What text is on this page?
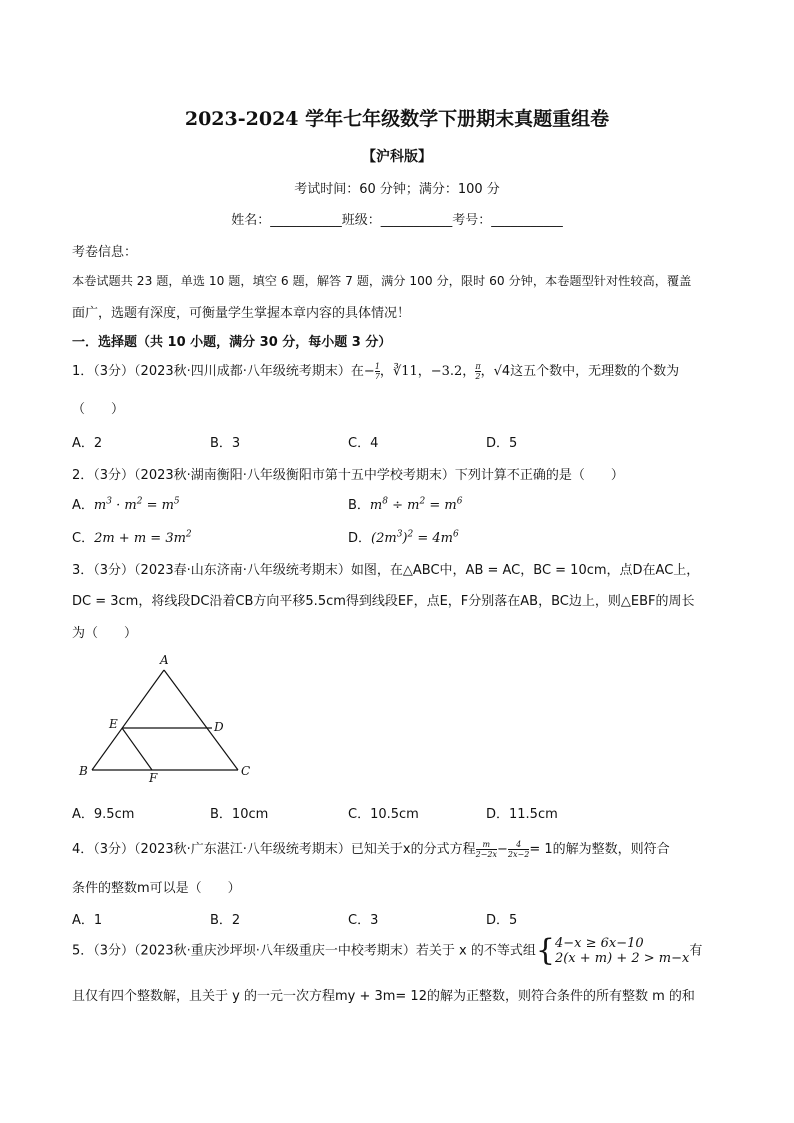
2023-2024 学年七年级数学下册期末真题重组卷
【沪科版】
考试时间：60 分钟；满分：100 分
姓名：___________班级：___________考号：___________
考卷信息：
本卷试题共 23 题，单选 10 题，填空 6 题，解答 7 题，满分 100 分，限时 60 分钟，本卷题型针对性较高，覆盖
面广，选题有深度，可衡量学生掌握本章内容的具体情况！
一．选择题（共 10 小题，满分 30 分，每小题 3 分）
1．（3分）（2023秋·四川成都·八年级统考期末）在− $\frac{1}{7}$ ，∛11，−3.2， $\frac{\pi}{2}$ ，√4这五个数中，无理数的个数为
（　　）
A．2	B．3	C．4	D．5
2．（3分）（2023秋·湖南衡阳·八年级衡阳市第十五中学校考期末）下列计算不正确的是（　　）
A．$m^3 \cdot m^2 = m^5$	B．$m^8 \div m^2 = m^6$
C．$2m + m = 3m^2$	D．$(2m^3)^2 = 4m^6$
3．（3分）（2023春·山东济南·八年级统考期末）如图，在△ABC中，AB = AC，BC = 10cm，点D在AC上，
DC = 3cm，将线段DC沿着CB方向平移5.5cm得到线段EF，点E，F分别落在AB，BC边上，则△EBF的周长
为（　　）
A
B	C
D
E
F
A．9.5cm	B．10cm	C．10.5cm	D．11.5cm
4．（3分）（2023秋·广东湛江·八年级统考期末）已知关于x的分式方程 $\frac{m}{2-2x} - \frac{4}{2x-2} = 1$的解为整数，则符合
条件的整数m可以是（　　）
A．1	B．2	C．3	D．5
5．（3分）（2023秋·重庆沙坪坝·八年级重庆一中校考期末）若关于 x 的不等式组{ 4−x ≥ 6x−10
2(x + m) + 2 > m−x 有
且仅有四个整数解，且关于 y 的一元一次方程my + 3m= 12的解为正整数，则符合条件的所有整数 m 的和
